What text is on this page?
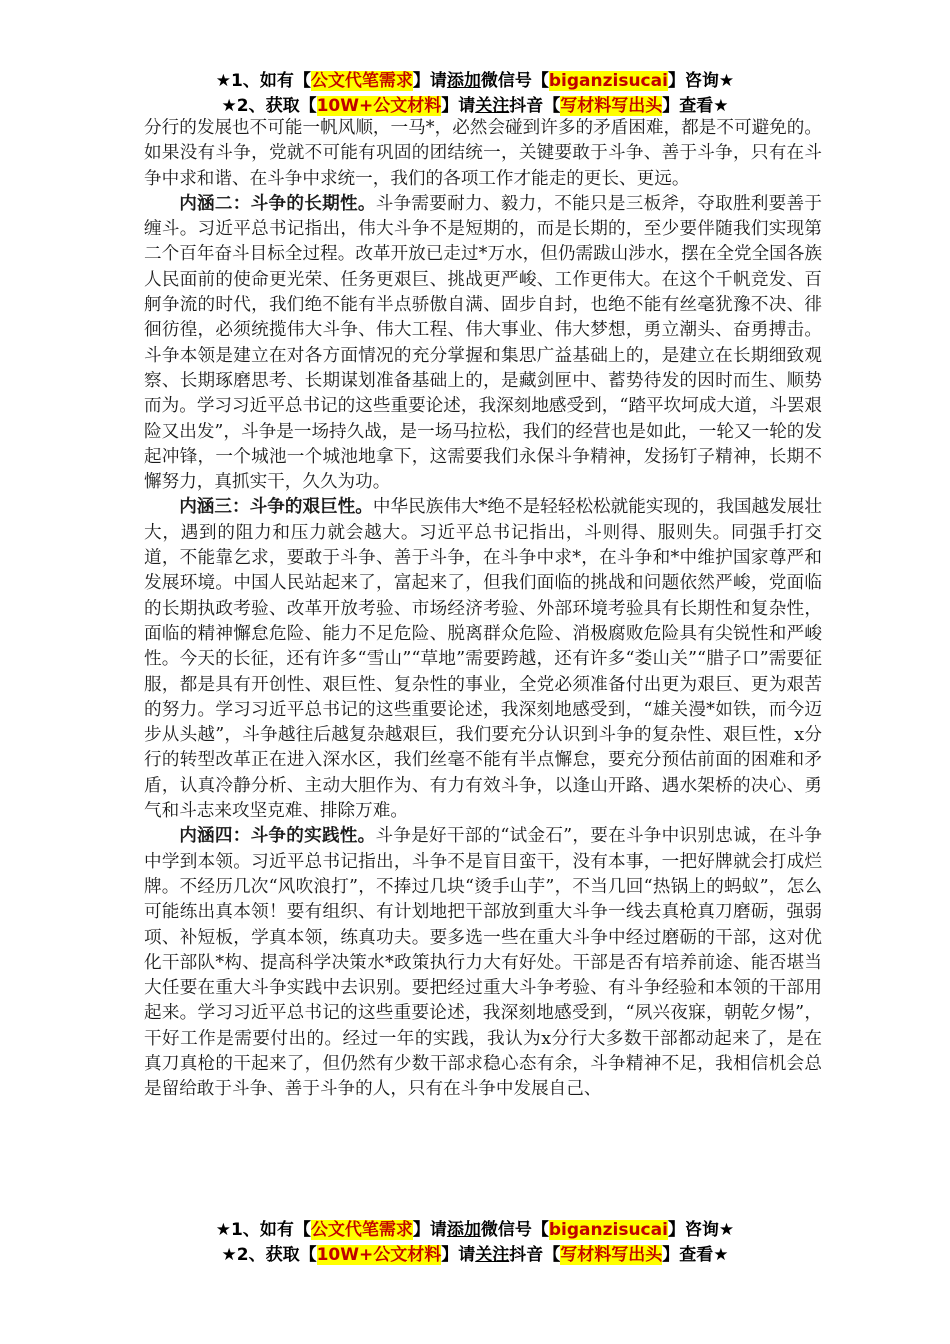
★1、如有【公文代笔需求】请添加微信号【biganzisucai】咨询★
★2、获取【10W+公文材料】请关注抖音【写材料写出头】查看★

分行的发展也不可能一帆风顺，一马*，必然会碰到许多的矛盾困难，都是不可避免的。如果没有斗争，党就不可能有巩固的团结统一，关键要敢于斗争、善于斗争，只有在斗争中求和谐、在斗争中求统一，我们的各项工作才能走的更长、更远。

内涵二：斗争的长期性。斗争需要耐力、毅力，不能只是三板斧，夺取胜利要善于缠斗。习近平总书记指出，伟大斗争不是短期的，而是长期的，至少要伴随我们实现第二个百年奋斗目标全过程。改革开放已走过*万水，但仍需跋山涉水，摆在全党全国各族人民面前的使命更光荣、任务更艰巨、挑战更严峻、工作更伟大。在这个千帆竞发、百舸争流的时代，我们绝不能有半点骄傲自满、固步自封，也绝不能有丝毫犹豫不决、徘徊彷徨，必须统揽伟大斗争、伟大工程、伟大事业、伟大梦想，勇立潮头、奋勇搏击。斗争本领是建立在对各方面情况的充分掌握和集思广益基础上的，是建立在长期细致观察、长期琢磨思考、长期谋划准备基础上的，是藏剑匣中、蓄势待发的因时而生、顺势而为。学习习近平总书记的这些重要论述，我深刻地感受到，“踏平坎坷成大道，斗罢艰险又出发”，斗争是一场持久战，是一场马拉松，我们的经营也是如此，一轮又一轮的发起冲锋，一个城池一个城池地拿下，这需要我们永保斗争精神，发扬钉子精神，长期不懈努力，真抓实干，久久为功。

内涵三：斗争的艰巨性。中华民族伟大*绝不是轻轻松松就能实现的，我国越发展壮大，遇到的阻力和压力就会越大。习近平总书记指出，斗则得、服则失。同强手打交道，不能靠乞求，要敢于斗争、善于斗争，在斗争中求*，在斗争和*中维护国家尊严和发展环境。中国人民站起来了，富起来了，但我们面临的挑战和问题依然严峻，党面临的长期执政考验、改革开放考验、市场经济考验、外部环境考验具有长期性和复杂性，面临的精神懈怠危险、能力不足危险、脱离群众危险、消极腐败危险具有尖锐性和严峻性。今天的长征，还有许多“雪山”“草地”需要跨越，还有许多“娄山关”“腊子口”需要征服，都是具有开创性、艰巨性、复杂性的事业，全党必须准备付出更为艰巨、更为艰苦的努力。学习习近平总书记的这些重要论述，我深刻地感受到，“雄关漫*如铁，而今迈步从头越”，斗争越往后越复杂越艰巨，我们要充分认识到斗争的复杂性、艰巨性，x分行的转型改革正在进入深水区，我们丝毫不能有半点懈怠，要充分预估前面的困难和矛盾，认真冷静分析、主动大胆作为、有力有效斗争，以逢山开路、遇水架桥的决心、勇气和斗志来攻坚克难、排除万难。

内涵四：斗争的实践性。斗争是好干部的“试金石”，要在斗争中识别忠诚，在斗争中学到本领。习近平总书记指出，斗争不是盲目蛮干，没有本事，一把好牌就会打成烂牌。不经历几次“风吹浪打”，不捧过几块“烫手山芋”，不当几回“热锅上的蚂蚁”，怎么可能练出真本领！要有组织、有计划地把干部放到重大斗争一线去真枪真刀磨砺，强弱项、补短板，学真本领，练真功夫。要多选一些在重大斗争中经过磨砺的干部，这对优化干部队*构、提高科学决策水*政策执行力大有好处。干部是否有培养前途、能否堪当大任要在重大斗争实践中去识别。要把经过重大斗争考验、有斗争经验和本领的干部用起来。学习习近平总书记的这些重要论述，我深刻地感受到，“夙兴夜寐，朝乾夕惕”，干好工作是需要付出的。经过一年的实践，我认为x分行大多数干部都动起来了，是在真刀真枪的干起来了，但仍然有少数干部求稳心态有余，斗争精神不足，我相信机会总是留给敢于斗争、善于斗争的人，只有在斗争中发展自己、

★1、如有【公文代笔需求】请添加微信号【biganzisucai】咨询★
★2、获取【10W+公文材料】请关注抖音【写材料写出头】查看★
